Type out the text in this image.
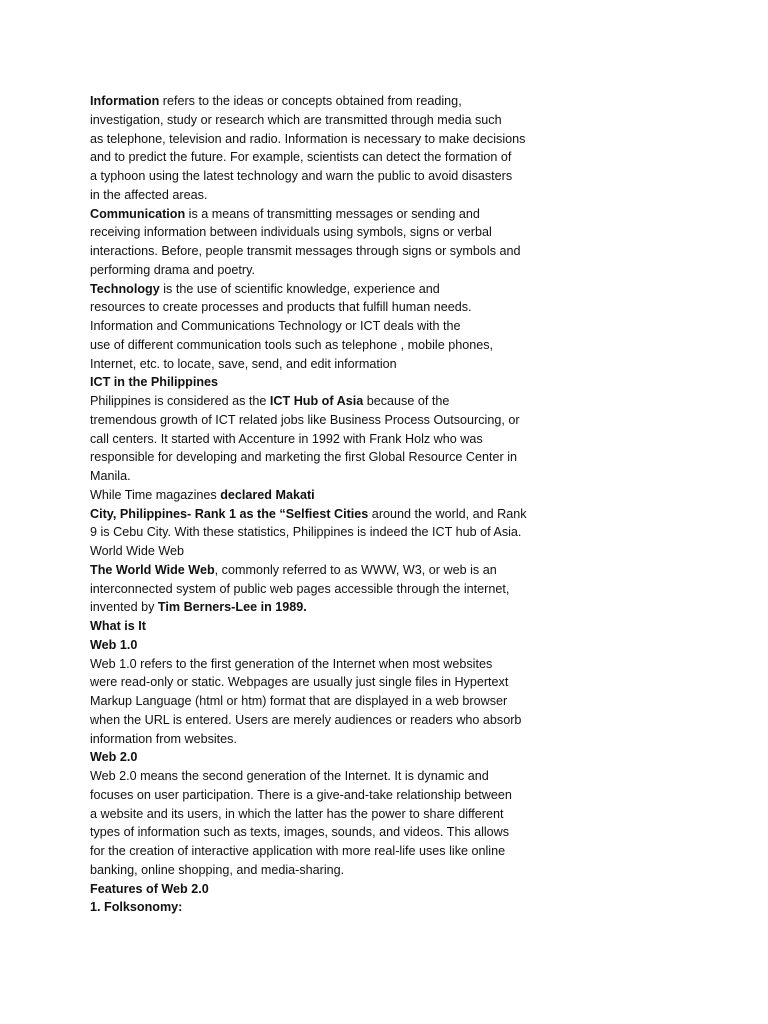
Information refers to the ideas or concepts obtained from reading,
investigation, study or research which are transmitted through media such
as telephone, television and radio. Information is necessary to make decisions
and to predict the future. For example, scientists can detect the formation of
a typhoon using the latest technology and warn the public to avoid disasters
in the affected areas.
Communication is a means of transmitting messages or sending and
receiving information between individuals using symbols, signs or verbal
interactions. Before, people transmit messages through signs or symbols and
performing drama and poetry.
Technology is the use of scientific knowledge, experience and
resources to create processes and products that fulfill human needs.
Information and Communications Technology or ICT deals with the
use of different communication tools such as telephone , mobile phones,
Internet, etc. to locate, save, send, and edit information
ICT in the Philippines
Philippines is considered as the ICT Hub of Asia because of the
tremendous growth of ICT related jobs like Business Process Outsourcing, or
call centers. It started with Accenture in 1992 with Frank Holz who was
responsible for developing and marketing the first Global Resource Center in
Manila.
While Time magazines declared Makati
City, Philippines- Rank 1 as the “Selfiest Cities around the world, and Rank
9 is Cebu City. With these statistics, Philippines is indeed the ICT hub of Asia.
World Wide Web
The World Wide Web, commonly referred to as WWW, W3, or web is an
interconnected system of public web pages accessible through the internet,
invented by Tim Berners-Lee in 1989.
What is It
Web 1.0
Web 1.0 refers to the first generation of the Internet when most websites
were read-only or static. Webpages are usually just single files in Hypertext
Markup Language (html or htm) format that are displayed in a web browser
when the URL is entered. Users are merely audiences or readers who absorb
information from websites.
Web 2.0
Web 2.0 means the second generation of the Internet. It is dynamic and
focuses on user participation. There is a give-and-take relationship between
a website and its users, in which the latter has the power to share different
types of information such as texts, images, sounds, and videos. This allows
for the creation of interactive application with more real-life uses like online
banking, online shopping, and media-sharing.
Features of Web 2.0
1. Folksonomy:
